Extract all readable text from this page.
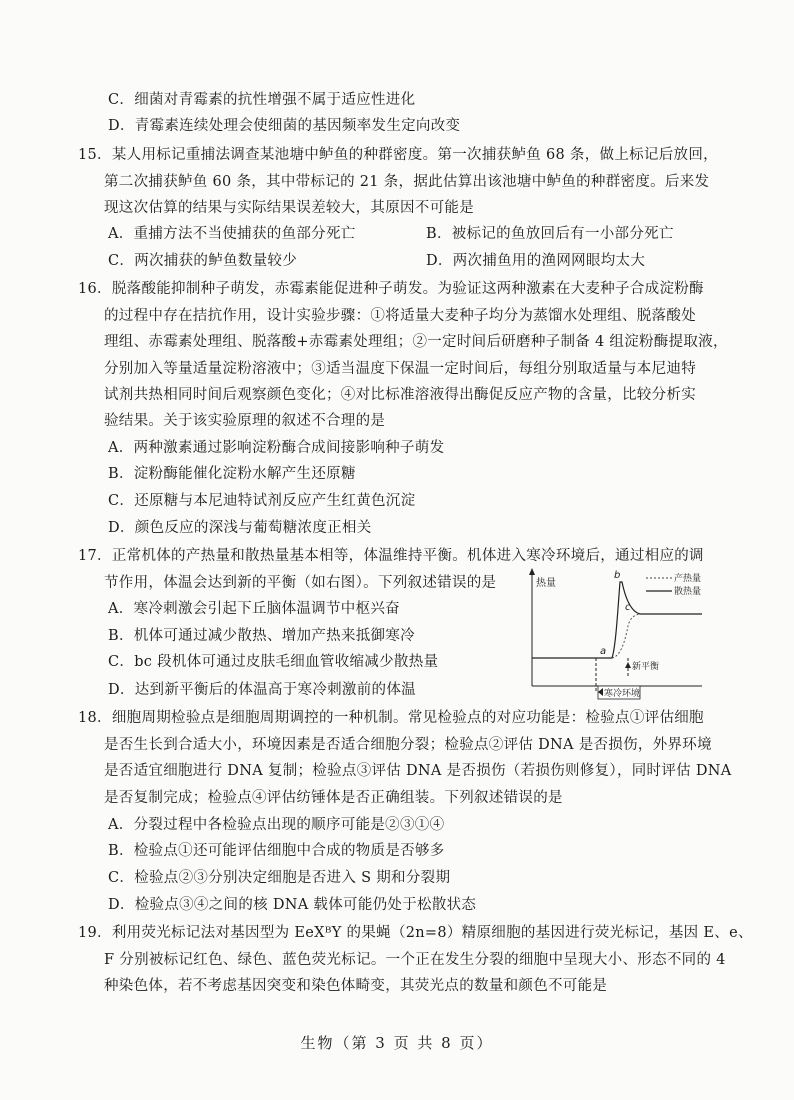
C．细菌对青霉素的抗性增强不属于适应性进化
D．青霉素连续处理会使细菌的基因频率发生定向改变
15．某人用标记重捕法调查某池塘中鲈鱼的种群密度。第一次捕获鲈鱼 68 条，做上标记后放回，
第二次捕获鲈鱼 60 条，其中带标记的 21 条，据此估算出该池塘中鲈鱼的种群密度。后来发
现这次估算的结果与实际结果误差较大，其原因不可能是
A．重捕方法不当使捕获的鱼部分死亡	B．被标记的鱼放回后有一小部分死亡
C．两次捕获的鲈鱼数量较少	D．两次捕鱼用的渔网网眼均太大
16．脱落酸能抑制种子萌发，赤霉素能促进种子萌发。为验证这两种激素在大麦种子合成淀粉酶
的过程中存在拮抗作用，设计实验步骤：①将适量大麦种子均分为蒸馏水处理组、脱落酸处
理组、赤霉素处理组、脱落酸+赤霉素处理组；②一定时间后研磨种子制备 4 组淀粉酶提取液，
分别加入等量适量淀粉溶液中；③适当温度下保温一定时间后，每组分别取适量与本尼迪特
试剂共热相同时间后观察颜色变化；④对比标准溶液得出酶促反应产物的含量，比较分析实
验结果。关于该实验原理的叙述不合理的是
A．两种激素通过影响淀粉酶合成间接影响种子萌发
B．淀粉酶能催化淀粉水解产生还原糖
C．还原糖与本尼迪特试剂反应产生红黄色沉淀
D．颜色反应的深浅与葡萄糖浓度正相关
17．正常机体的产热量和散热量基本相等，体温维持平衡。机体进入寒冷环境后，通过相应的调
节作用，体温会达到新的平衡（如右图）。下列叙述错误的是
A．寒冷刺激会引起下丘脑体温调节中枢兴奋
B．机体可通过减少散热、增加产热来抵御寒冷
C．bc 段机体可通过皮肤毛细血管收缩减少散热量
D．达到新平衡后的体温高于寒冷刺激前的体温
18．细胞周期检验点是细胞周期调控的一种机制。常见检验点的对应功能是：检验点①评估细胞
是否生长到合适大小，环境因素是否适合细胞分裂；检验点②评估 DNA 是否损伤，外界环境
是否适宜细胞进行 DNA 复制；检验点③评估 DNA 是否损伤（若损伤则修复），同时评估 DNA
是否复制完成；检验点④评估纺锤体是否正确组装。下列叙述错误的是
A．分裂过程中各检验点出现的顺序可能是②③①④
B．检验点①还可能评估细胞中合成的物质是否够多
C．检验点②③分别决定细胞是否进入 S 期和分裂期
D．检验点③④之间的核 DNA 载体可能仍处于松散状态
19．利用荧光标记法对基因型为 EeXᴮY 的果蝇（2n=8）精原细胞的基因进行荧光标记，基因 E、e、
F 分别被标记红色、绿色、蓝色荧光标记。一个正在发生分裂的细胞中呈现大小、形态不同的 4
种染色体，若不考虑基因突变和染色体畸变，其荧光点的数量和颜色不可能是
热量	产热量
散热量
a
b
c
新平衡
寒冷环境
生物（第 3 页 共 8 页）
